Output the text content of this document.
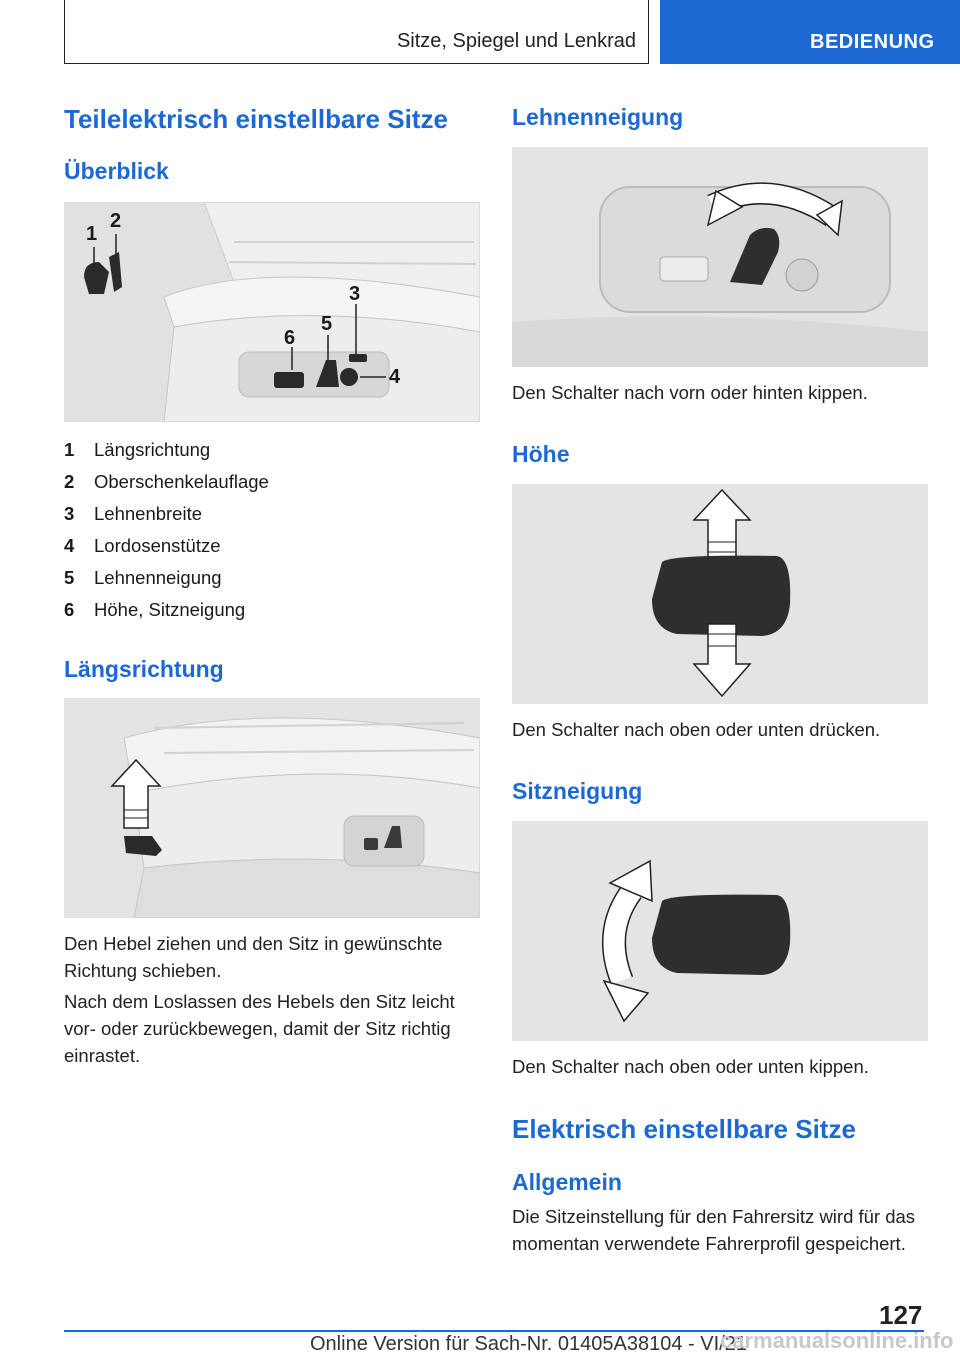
Sitze, Spiegel und Lenkrad	BEDIENUNG
Teilelektrisch einstellbare Sitze
Überblick
1
2
3
4
5
6
1	Längsrichtung
2	Oberschenkelauflage
3	Lehnenbreite
4	Lordosenstütze
5	Lehnenneigung
6	Höhe, Sitzneigung
Längsrichtung
Den Hebel ziehen und den Sitz in gewünschte
Richtung schieben.
Nach dem Loslassen des Hebels den Sitz leicht
vor- oder zurückbewegen, damit der Sitz richtig
einrastet.
Lehnenneigung
Den Schalter nach vorn oder hinten kippen.
Höhe
Den Schalter nach oben oder unten drücken.
Sitzneigung
Den Schalter nach oben oder unten kippen.
Elektrisch einstellbare Sitze
Allgemein
Die Sitzeinstellung für den Fahrersitz wird für das
momentan verwendete Fahrerprofil gespeichert.
127
Online Version für Sach-Nr. 01405A38104 - VI/21
carmanualsonline.info
